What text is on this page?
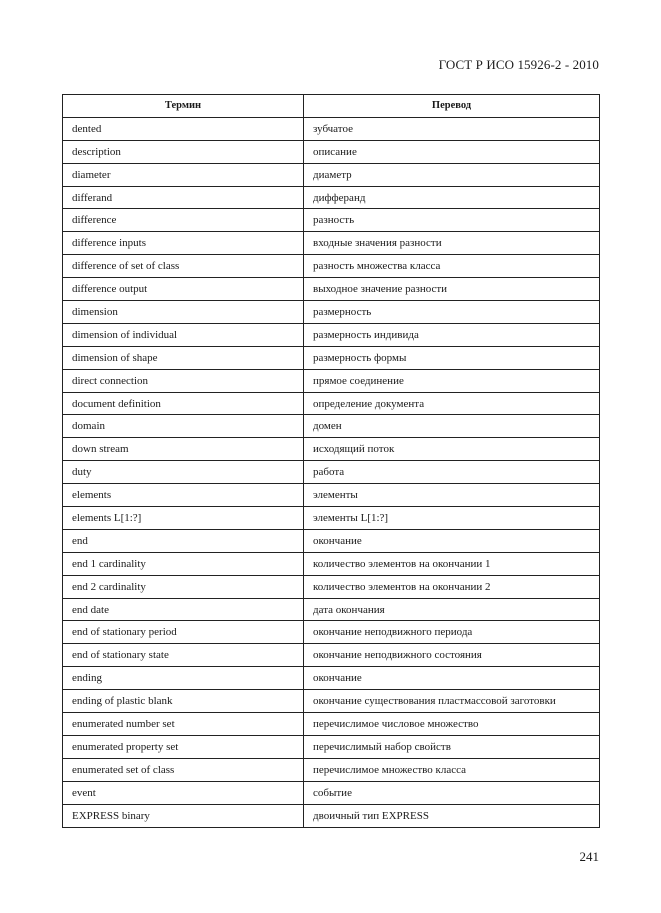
ГОСТ Р ИСО 15926-2 - 2010
Термин	Перевод
dented	зубчатое
description	описание
diameter	диаметр
differand	дифферанд
difference	разность
difference inputs	входные значения разности
difference of set of class	разность множества класса
difference output	выходное значение разности
dimension	размерность
dimension of individual	размерность индивида
dimension of shape	размерность формы
direct connection	прямое соединение
document definition	определение документа
domain	домен
down stream	исходящий поток
duty	работа
elements	элементы
elements L[1:?]	элементы L[1:?]
end	окончание
end 1 cardinality	количество элементов на окончании 1
end 2 cardinality	количество элементов на окончании 2
end date	дата окончания
end of stationary period	окончание неподвижного периода
end of stationary state	окончание неподвижного состояния
ending	окончание
ending of plastic blank	окончание существования пластмассовой заготовки
enumerated number set	перечислимое числовое множество
enumerated property set	перечислимый набор свойств
enumerated set of class	перечислимое множество класса
event	событие
EXPRESS binary	двоичный тип EXPRESS
241
